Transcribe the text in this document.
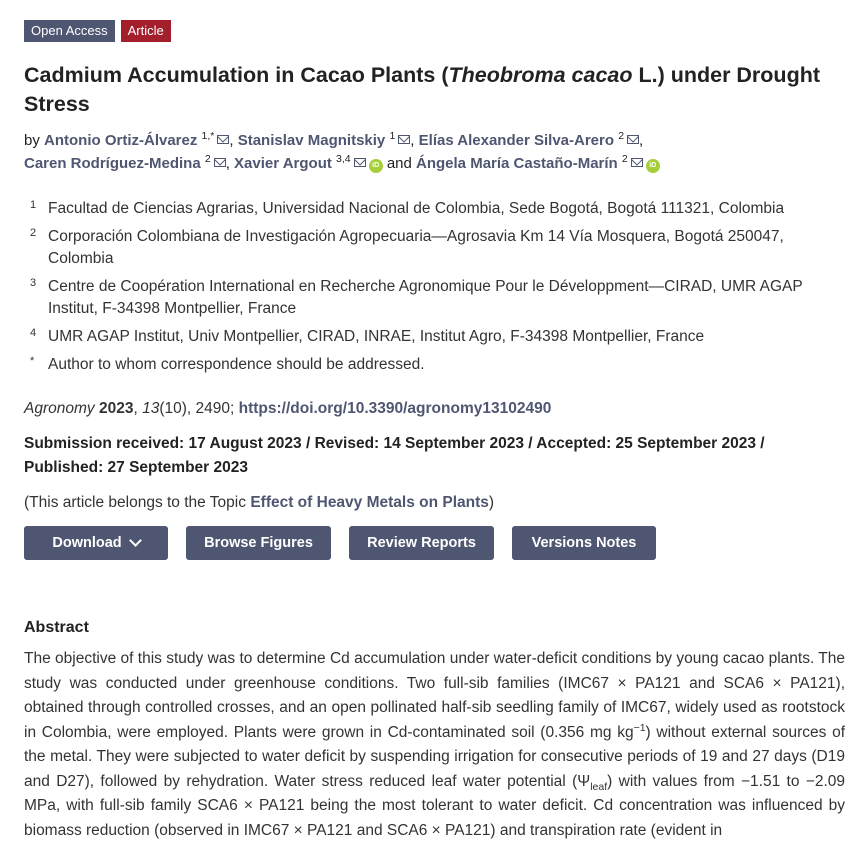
Open Access	Article
Cadmium Accumulation in Cacao Plants (Theobroma cacao L.) under Drought Stress
by Antonio Ortiz-Álvarez $^{1,*}$ , Stanislav Magnitskiy $^1$ , Elías Alexander Silva-Arero $^2$ ,
Caren Rodríguez-Medina $^2$ , Xavier Argout $^{3,4}$iD and Ángela María Castaño-Marín $^2$iD
1 Facultad de Ciencias Agrarias, Universidad Nacional de Colombia, Sede Bogotá, Bogotá 111321, Colombia
2 Corporación Colombiana de Investigación Agropecuaria—Agrosavia Km 14 Vía Mosquera, Bogotá 250047, Colombia
3 Centre de Coopération International en Recherche Agronomique Pour le Développment—CIRAD, UMR AGAP Institut, F-34398 Montpellier, France
4 UMR AGAP Institut, Univ Montpellier, CIRAD, INRAE, Institut Agro, F-34398 Montpellier, France
* Author to whom correspondence should be addressed.
Agronomy 2023, 13(10), 2490; https://doi.org/10.3390/agronomy13102490
Submission received: 17 August 2023 / Revised: 14 September 2023 / Accepted: 25 September 2023 / Published: 27 September 2023
(This article belongs to the Topic Effect of Heavy Metals on Plants)
Download	Browse Figures	Review Reports	Versions Notes
Abstract
The objective of this study was to determine Cd accumulation under water-deficit conditions by young cacao plants. The study was conducted under greenhouse conditions. Two full-sib families (IMC67 × PA121 and SCA6 × PA121), obtained through controlled crosses, and an open pollinated half-sib seedling family of IMC67, widely used as rootstock in Colombia, were employed. Plants were grown in Cd-contaminated soil (0.356 mg $kg^{-1}$) without external sources of the metal. They were subjected to water deficit by suspending irrigation for consecutive periods of 19 and 27 days (D19 and D27), followed by rehydration. Water stress reduced leaf water potential $(\Psi_{leaf})$ with values from −1.51 to −2.09 MPa, with full-sib family SCA6 × PA121 being the most tolerant to water deficit. Cd concentration was influenced by biomass reduction (observed in IMC67 × PA121 and SCA6 × PA121) and transpiration rate (evident in
